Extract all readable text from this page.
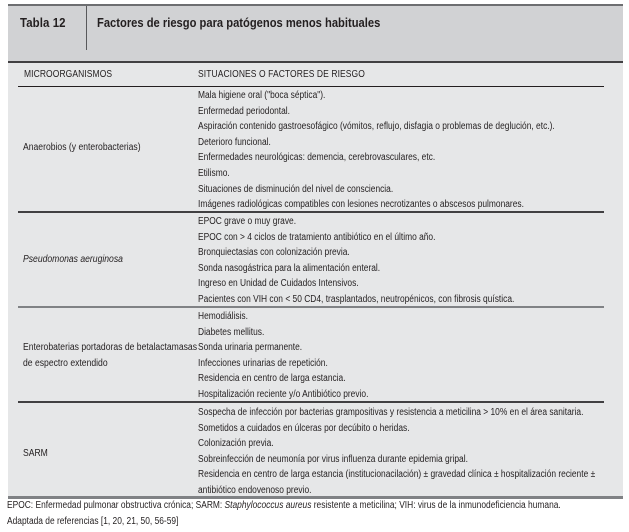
Tabla 12 Factores de riesgo para patógenos menos habituales
MICROORGANISMOS	SITUACIONES O FACTORES DE RIESGO
Anaerobios (y enterobacterias)
Mala higiene oral ("boca séptica").
Enfermedad periodontal.
Aspiración contenido gastroesofágico (vómitos, reflujo, disfagia o problemas de deglución, etc.).
Deterioro funcional.
Enfermedades neurológicas: demencia, cerebrovasculares, etc.
Etilismo.
Situaciones de disminución del nivel de consciencia.
Imágenes radiológicas compatibles con lesiones necrotizantes o abscesos pulmonares.
Pseudomonas aeruginosa
EPOC grave o muy grave.
EPOC con > 4 ciclos de tratamiento antibiótico en el último año.
Bronquiectasias con colonización previa.
Sonda nasogástrica para la alimentación enteral.
Ingreso en Unidad de Cuidados Intensivos.
Pacientes con VIH con < 50 CD4, trasplantados, neutropénicos, con fibrosis quística.
Enterobaterias portadoras de betalactamasas
de espectro extendido
Hemodiálisis.
Diabetes mellitus.
Sonda urinaria permanente.
Infecciones urinarias de repetición.
Residencia en centro de larga estancia.
Hospitalización reciente y/o Antibiótico previo.
SARM
Sospecha de infección por bacterias grampositivas y resistencia a meticilina > 10% en el área sanitaria.
Sometidos a cuidados en úlceras por decúbito o heridas.
Colonización previa.
Sobreinfección de neumonía por virus influenza durante epidemia gripal.
Residencia en centro de larga estancia (institucionacilación) ± gravedad clínica ± hospitalización reciente ±
antibiótico endovenoso previo.
EPOC: Enfermedad pulmonar obstructiva crónica; SARM: Staphylococcus aureus resistente a meticilina; VIH: virus de la inmunodeficiencia humana.
Adaptada de referencias [1, 20, 21, 50, 56-59]
